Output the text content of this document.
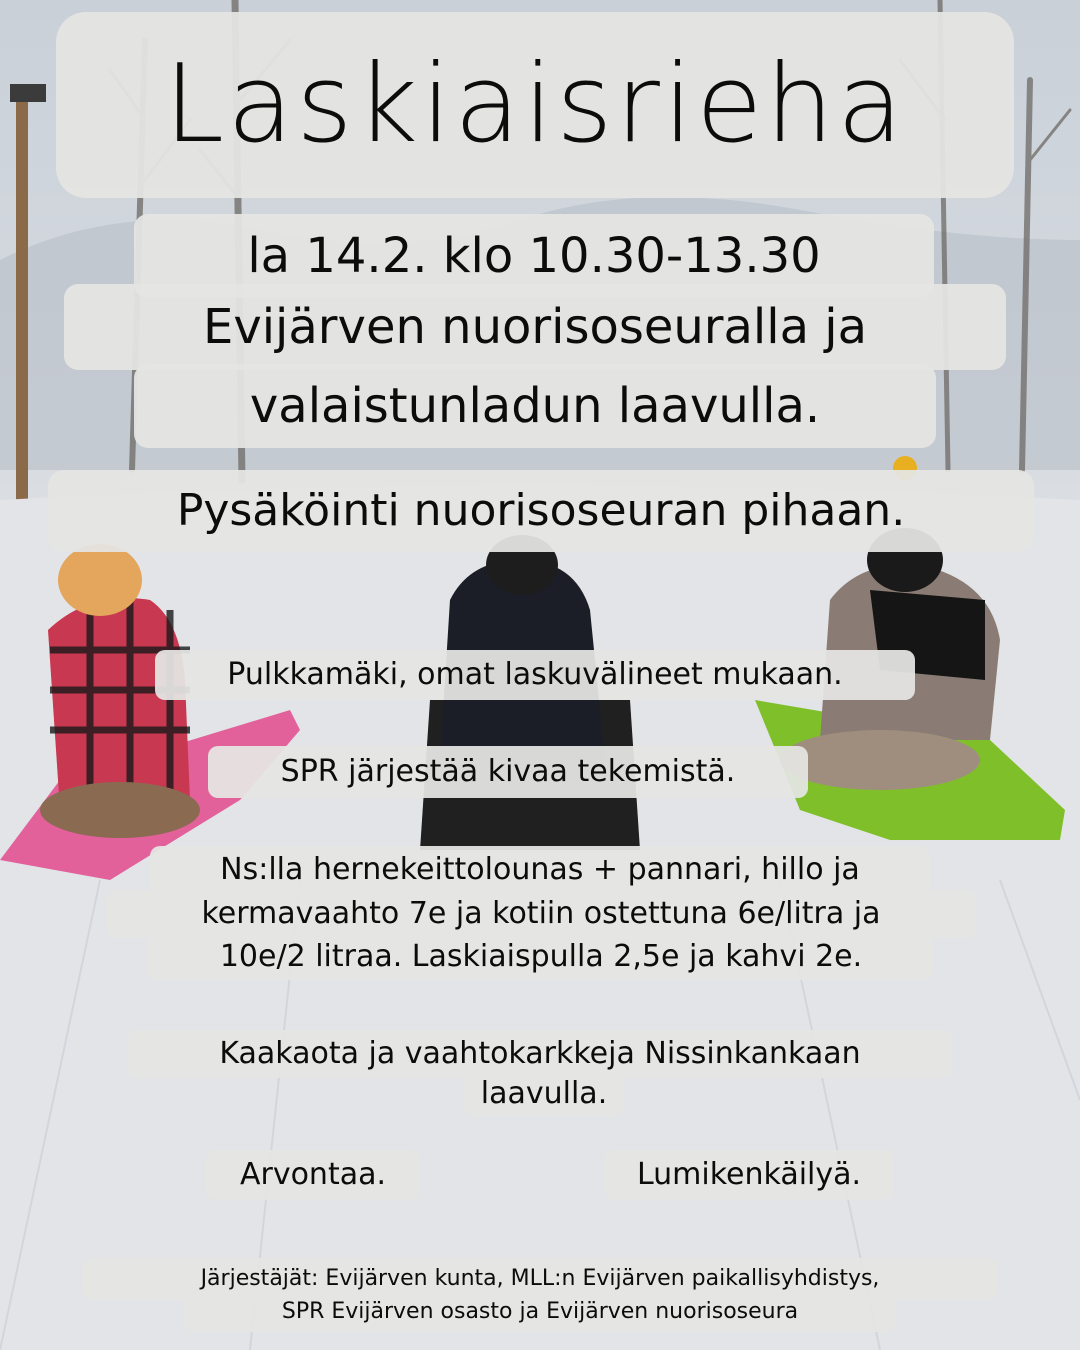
Laskiaisrieha
la 14.2. klo 10.30-13.30
Evijärven nuorisoseuralla ja
valaistunladun laavulla.
Pysäköinti nuorisoseuran pihaan.
Pulkkamäki, omat laskuvälineet mukaan.
SPR järjestää kivaa tekemistä.
Ns:lla hernekeittolounas + pannari, hillo ja
kermavaahto 7e ja kotiin ostettuna 6e/litra ja
10e/2 litraa. Laskiaispulla 2,5e ja kahvi 2e.
Kaakaota ja vaahtokarkkeja Nissinkankaan
laavulla.
Arvontaa.	Lumikenkäilyä.
Järjestäjät: Evijärven kunta, MLL:n Evijärven paikallisyhdistys,
SPR Evijärven osasto ja Evijärven nuorisoseura
